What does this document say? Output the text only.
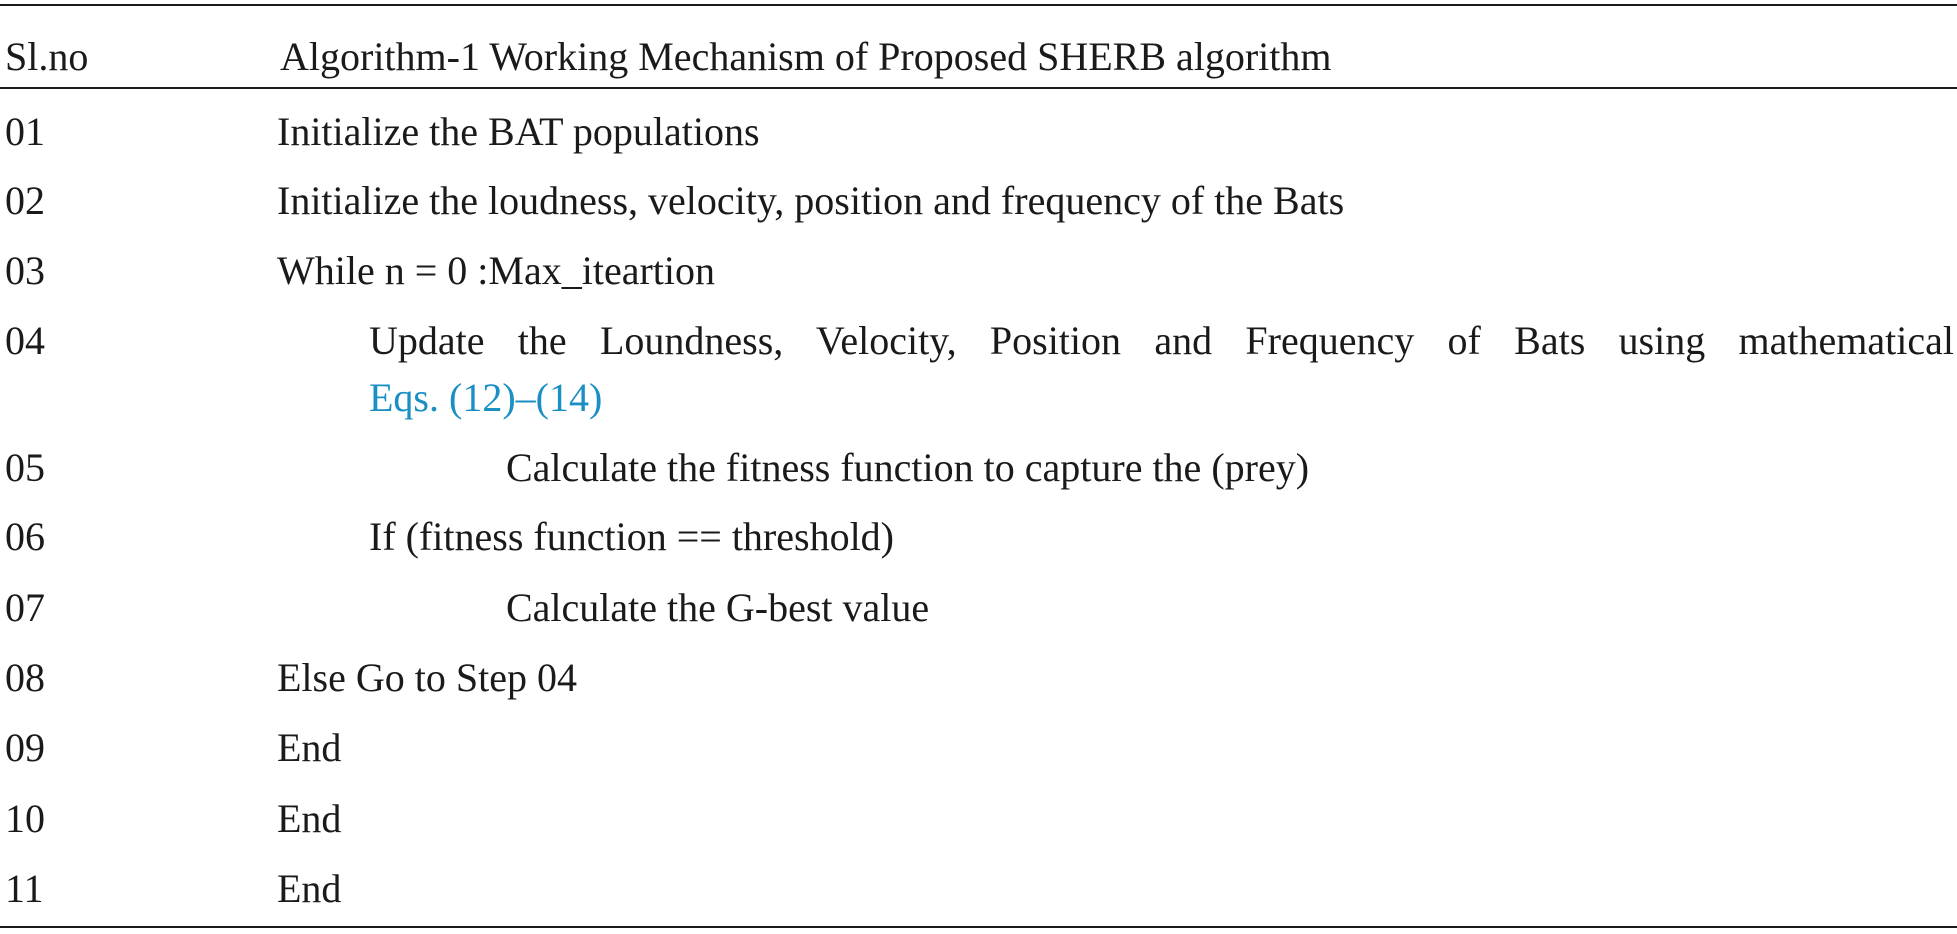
Sl.no	Algorithm-1 Working Mechanism of Proposed SHERB algorithm
01	Initialize the BAT populations
02	Initialize the loudness, velocity, position and frequency of the Bats
03	While n = 0 :Max_iteartion
04	Update the Loundness, Velocity, Position and Frequency of Bats using mathematical
Eqs. (12)–(14)
05	Calculate the fitness function to capture the (prey)
06	If (fitness function == threshold)
07	Calculate the G-best value
08	Else Go to Step 04
09	End
10	End
11	End
